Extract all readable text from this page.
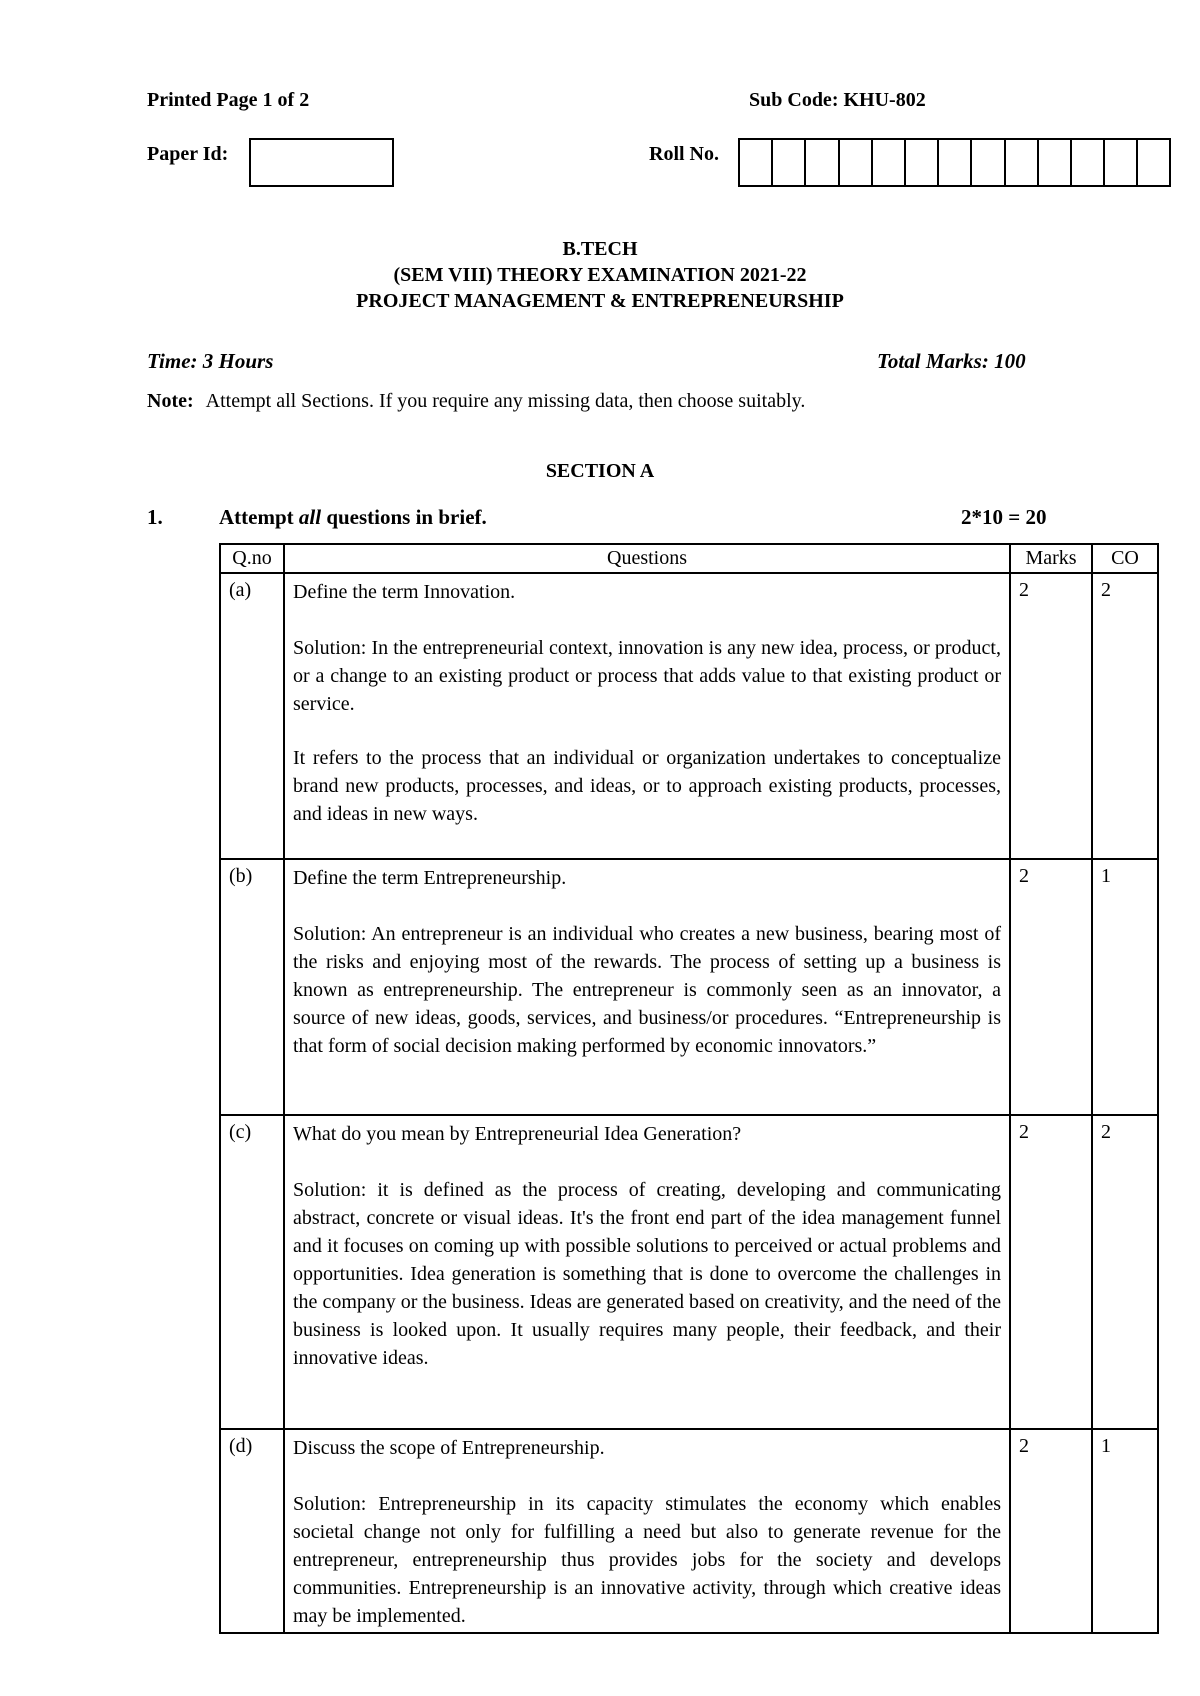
Printed Page 1 of 2	Sub Code: KHU-802
Paper Id:	Roll No.
B.TECH
(SEM VIII) THEORY EXAMINATION 2021-22
PROJECT MANAGEMENT & ENTREPRENEURSHIP
Time: 3 Hours	Total Marks: 100
Note: Attempt all Sections. If you require any missing data, then choose suitably.
SECTION A
1.	Attempt all questions in brief.	2*10 = 20
Q.no	Questions	Marks	CO
(a)	Define the term Innovation.

Solution: In the entrepreneurial context, innovation is any new idea, process, or product, or a change to an existing product or process that adds value to that existing product or service.

It refers to the process that an individual or organization undertakes to conceptualize brand new products, processes, and ideas, or to approach existing products, processes, and ideas in new ways.	2	2
(b)	Define the term Entrepreneurship.

Solution: An entrepreneur is an individual who creates a new business, bearing most of the risks and enjoying most of the rewards. The process of setting up a business is known as entrepreneurship. The entrepreneur is commonly seen as an innovator, a source of new ideas, goods, services, and business/or procedures. “Entrepreneurship is that form of social decision making performed by economic innovators.”	2	1
(c)	What do you mean by Entrepreneurial Idea Generation?

Solution: it is defined as the process of creating, developing and communicating abstract, concrete or visual ideas. It's the front end part of the idea management funnel and it focuses on coming up with possible solutions to perceived or actual problems and opportunities. Idea generation is something that is done to overcome the challenges in the company or the business. Ideas are generated based on creativity, and the need of the business is looked upon. It usually requires many people, their feedback, and their innovative ideas.	2	2
(d)	Discuss the scope of Entrepreneurship.

Solution: Entrepreneurship in its capacity stimulates the economy which enables societal change not only for fulfilling a need but also to generate revenue for the entrepreneur, entrepreneurship thus provides jobs for the society and develops communities. Entrepreneurship is an innovative activity, through which creative ideas may be implemented.	2	1
